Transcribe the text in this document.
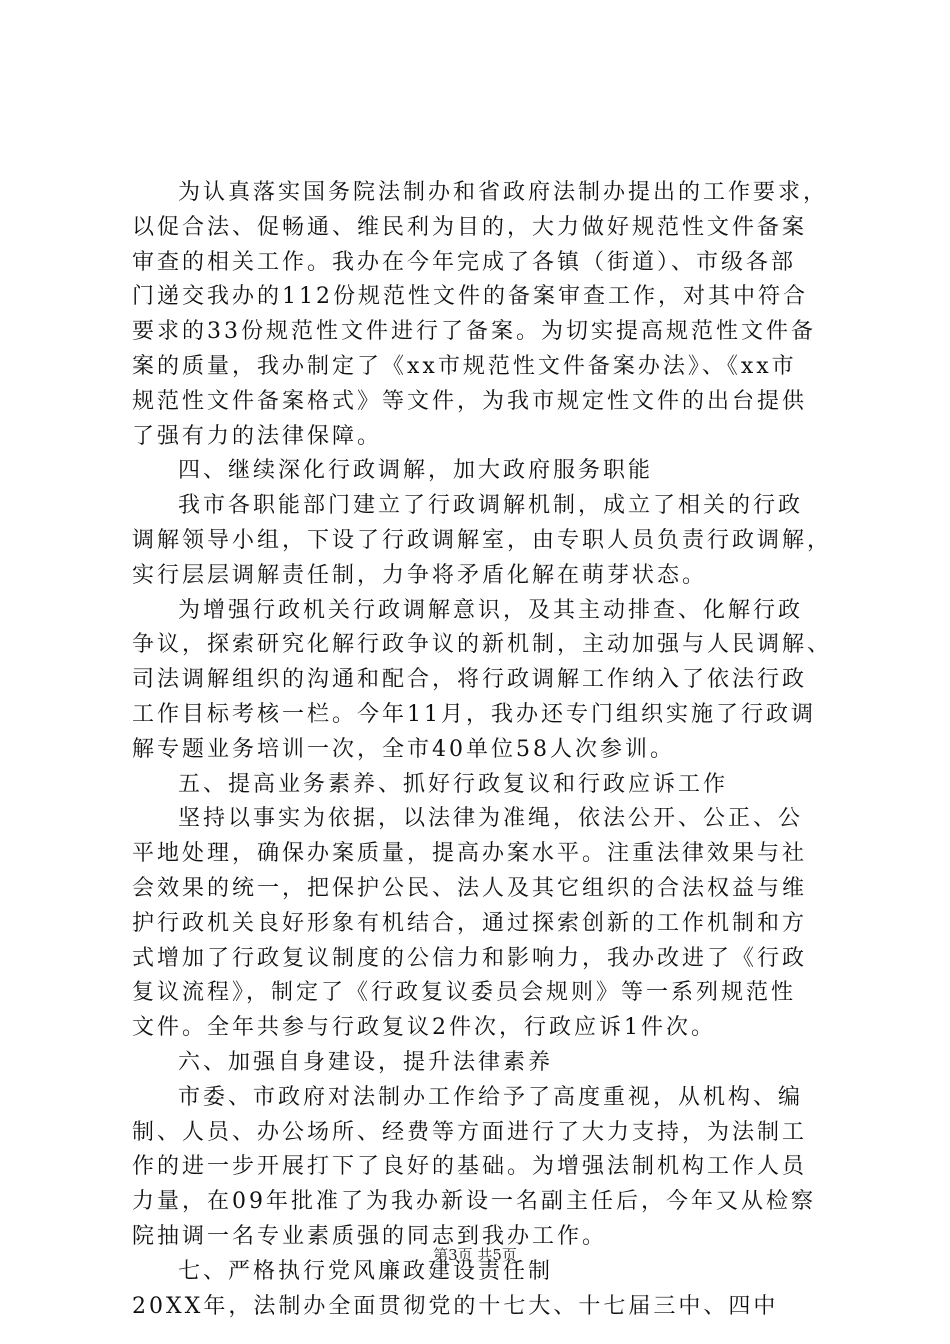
为认真落实国务院法制办和省政府法制办提出的工作要求，
以促合法、促畅通、维民利为目的，大力做好规范性文件备案
审查的相关工作。我办在今年完成了各镇（街道）、市级各部
门递交我办的112份规范性文件的备案审查工作，对其中符合
要求的33份规范性文件进行了备案。为切实提高规范性文件备
案的质量，我办制定了《xx市规范性文件备案办法》、《xx市
规范性文件备案格式》等文件，为我市规定性文件的出台提供
了强有力的法律保障。
四、继续深化行政调解，加大政府服务职能
我市各职能部门建立了行政调解机制，成立了相关的行政
调解领导小组，下设了行政调解室，由专职人员负责行政调解，
实行层层调解责任制，力争将矛盾化解在萌芽状态。
为增强行政机关行政调解意识，及其主动排查、化解行政
争议，探索研究化解行政争议的新机制，主动加强与人民调解、
司法调解组织的沟通和配合，将行政调解工作纳入了依法行政
工作目标考核一栏。今年11月，我办还专门组织实施了行政调
解专题业务培训一次，全市40单位58人次参训。
五、提高业务素养、抓好行政复议和行政应诉工作
坚持以事实为依据，以法律为准绳，依法公开、公正、公
平地处理，确保办案质量，提高办案水平。注重法律效果与社
会效果的统一，把保护公民、法人及其它组织的合法权益与维
护行政机关良好形象有机结合，通过探索创新的工作机制和方
式增加了行政复议制度的公信力和影响力，我办改进了《行政
复议流程》，制定了《行政复议委员会规则》等一系列规范性
文件。全年共参与行政复议2件次，行政应诉1件次。
六、加强自身建设，提升法律素养
市委、市政府对法制办工作给予了高度重视，从机构、编
制、人员、办公场所、经费等方面进行了大力支持，为法制工
作的进一步开展打下了良好的基础。为增强法制机构工作人员
力量，在09年批准了为我办新设一名副主任后，今年又从检察
院抽调一名专业素质强的同志到我办工作。
七、严格执行党风廉政建设责任制
20XX年，法制办全面贯彻党的十七大、十七届三中、四中
第3页 共5页
